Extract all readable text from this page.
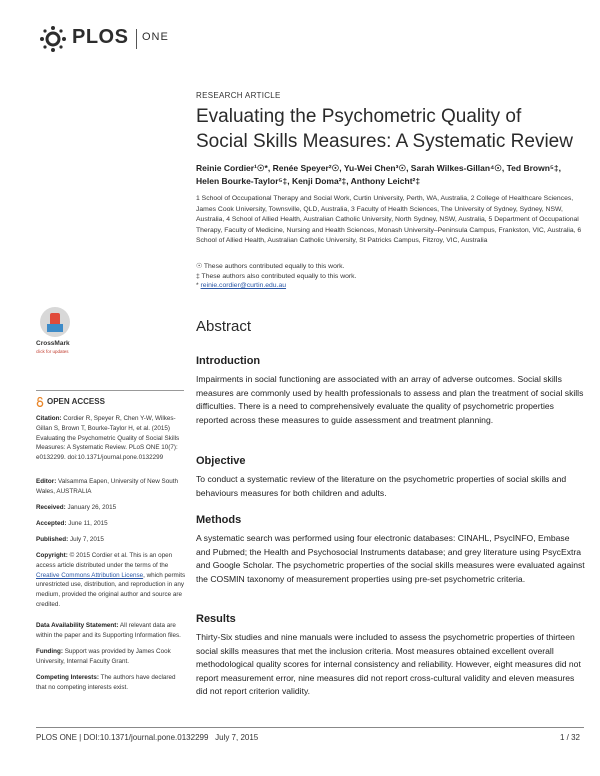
PLOS ONE
RESEARCH ARTICLE
Evaluating the Psychometric Quality of Social Skills Measures: A Systematic Review
Reinie Cordier¹☉*, Renée Speyer²☉, Yu-Wei Chen³☉, Sarah Wilkes-Gillan⁴☉, Ted Brown⁵‡, Helen Bourke-Taylor⁵‡, Kenji Doma²‡, Anthony Leicht²‡
1 School of Occupational Therapy and Social Work, Curtin University, Perth, WA, Australia, 2 College of Healthcare Sciences, James Cook University, Townsville, QLD, Australia, 3 Faculty of Health Sciences, The University of Sydney, Sydney, NSW, Australia, 4 School of Allied Health, Australian Catholic University, North Sydney, NSW, Australia, 5 Department of Occupational Therapy, Faculty of Medicine, Nursing and Health Sciences, Monash University–Peninsula Campus, Frankston, VIC, Australia, 6 School of Allied Health, Australian Catholic University, St Patricks Campus, Fitzroy, VIC, Australia
☉ These authors contributed equally to this work.
‡ These authors also contributed equally to this work.
* reinie.cordier@curtin.edu.au
CrossMark
click for updates
OPEN ACCESS
Citation: Cordier R, Speyer R, Chen Y-W, Wilkes-Gillan S, Brown T, Bourke-Taylor H, et al. (2015) Evaluating the Psychometric Quality of Social Skills Measures: A Systematic Review. PLoS ONE 10(7): e0132299. doi:10.1371/journal.pone.0132299
Editor: Valsamma Eapen, University of New South Wales, AUSTRALIA
Received: January 26, 2015
Accepted: June 11, 2015
Published: July 7, 2015
Copyright: © 2015 Cordier et al. This is an open access article distributed under the terms of the Creative Commons Attribution License, which permits unrestricted use, distribution, and reproduction in any medium, provided the original author and source are credited.
Data Availability Statement: All relevant data are within the paper and its Supporting Information files.
Funding: Support was provided by James Cook University, Internal Faculty Grant.
Competing Interests: The authors have declared that no competing interests exist.
Abstract
Introduction
Impairments in social functioning are associated with an array of adverse outcomes. Social skills measures are commonly used by health professionals to assess and plan the treatment of social skills difficulties. There is a need to comprehensively evaluate the quality of psychometric properties reported across these measures to guide assessment and treatment planning.
Objective
To conduct a systematic review of the literature on the psychometric properties of social skills and behaviours measures for both children and adults.
Methods
A systematic search was performed using four electronic databases: CINAHL, PsycINFO, Embase and Pubmed; the Health and Psychosocial Instruments database; and grey literature using PsycExtra and Google Scholar. The psychometric properties of the social skills measures were evaluated against the COSMIN taxonomy of measurement properties using pre-set psychometric criteria.
Results
Thirty-Six studies and nine manuals were included to assess the psychometric properties of thirteen social skills measures that met the inclusion criteria. Most measures obtained excellent overall methodological quality scores for internal consistency and reliability. However, eight measures did not report measurement error, nine measures did not report cross-cultural validity and eleven measures did not report criterion validity.
PLOS ONE | DOI:10.1371/journal.pone.0132299 July 7, 2015	1 / 32
